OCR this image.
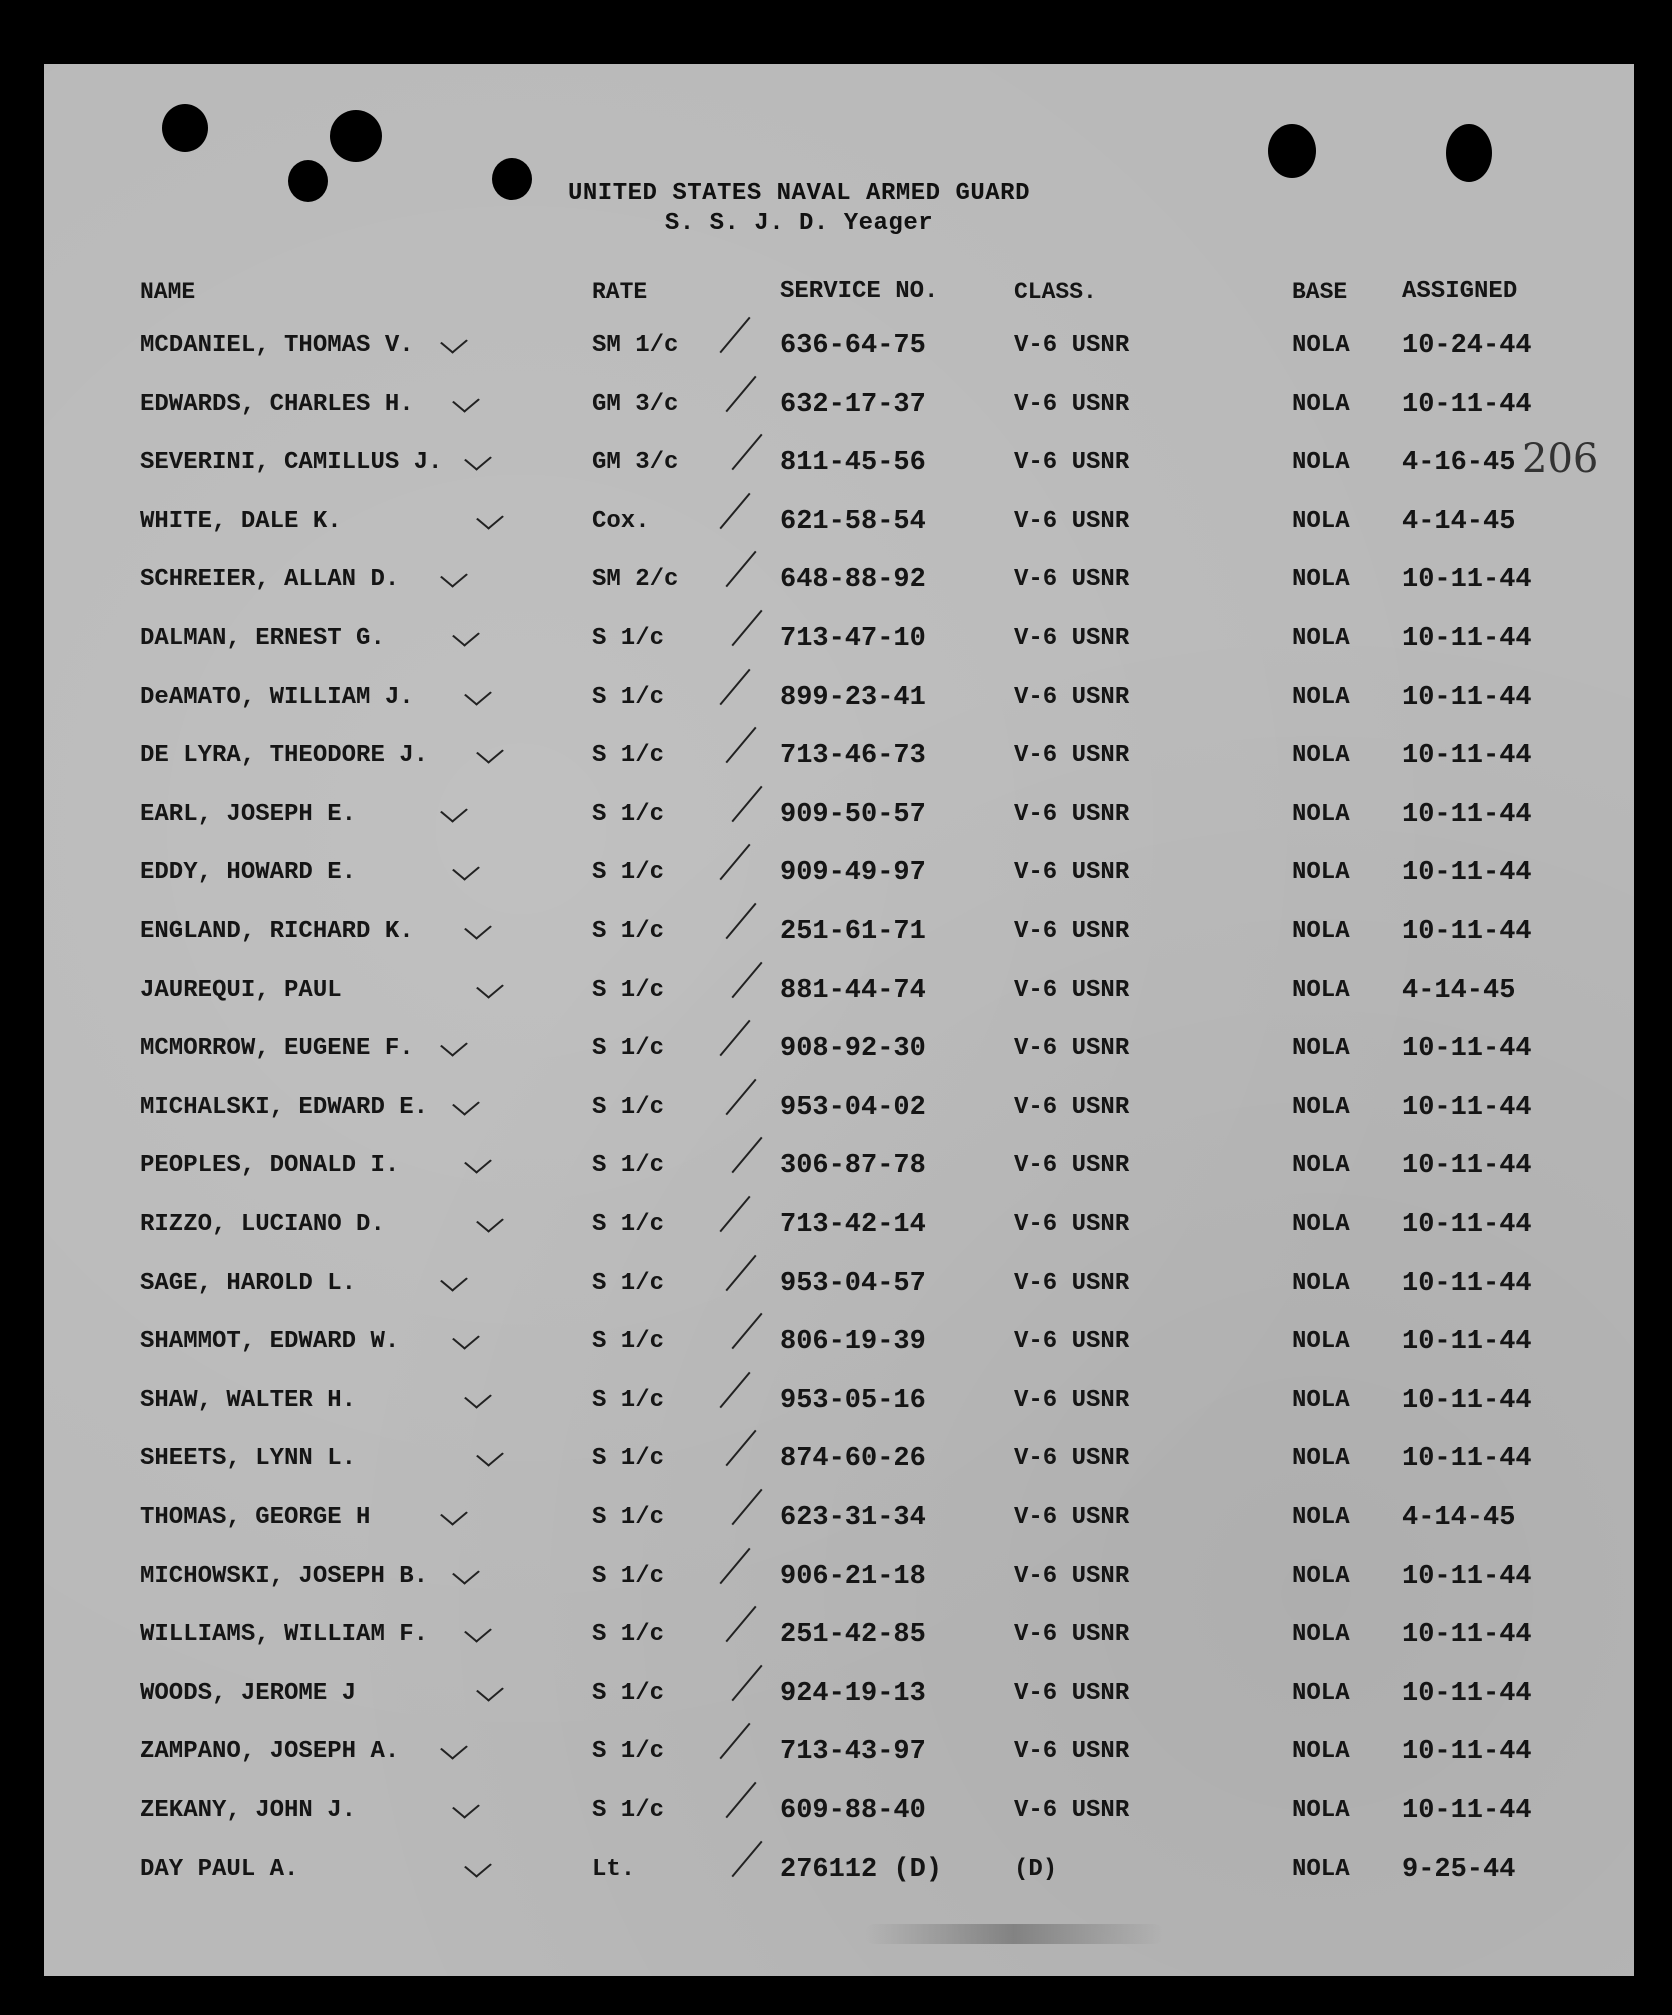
UNITED STATES NAVAL ARMED GUARD
S. S. J. D. Yeager
206
NAME	RATE	SERVICE NO.	CLASS.	BASE ASSIGNED
MCDANIEL, THOMAS V.	SM 1/c	636-64-75	V-6 USNR	NOLA 10-24-44
EDWARDS, CHARLES H.	GM 3/c	632-17-37	V-6 USNR	NOLA 10-11-44
SEVERINI, CAMILLUS J.	GM 3/c	811-45-56	V-6 USNR	NOLA 4-16-45
WHITE, DALE K.	Cox.	621-58-54	V-6 USNR	NOLA 4-14-45
SCHREIER, ALLAN D.	SM 2/c	648-88-92	V-6 USNR	NOLA 10-11-44
DALMAN, ERNEST G.	S 1/c	713-47-10	V-6 USNR	NOLA 10-11-44
DeAMATO, WILLIAM J.	S 1/c	899-23-41	V-6 USNR	NOLA 10-11-44
DE LYRA, THEODORE J.	S 1/c	713-46-73	V-6 USNR	NOLA 10-11-44
EARL, JOSEPH E.	S 1/c	909-50-57	V-6 USNR	NOLA 10-11-44
EDDY, HOWARD E.	S 1/c	909-49-97	V-6 USNR	NOLA 10-11-44
ENGLAND, RICHARD K.	S 1/c	251-61-71	V-6 USNR	NOLA 10-11-44
JAUREQUI, PAUL	S 1/c	881-44-74	V-6 USNR	NOLA 4-14-45
MCMORROW, EUGENE F.	S 1/c	908-92-30	V-6 USNR	NOLA 10-11-44
MICHALSKI, EDWARD E.	S 1/c	953-04-02	V-6 USNR	NOLA 10-11-44
PEOPLES, DONALD I.	S 1/c	306-87-78	V-6 USNR	NOLA 10-11-44
RIZZO, LUCIANO D.	S 1/c	713-42-14	V-6 USNR	NOLA 10-11-44
SAGE, HAROLD L.	S 1/c	953-04-57	V-6 USNR	NOLA 10-11-44
SHAMMOT, EDWARD W.	S 1/c	806-19-39	V-6 USNR	NOLA 10-11-44
SHAW, WALTER H.	S 1/c	953-05-16	V-6 USNR	NOLA 10-11-44
SHEETS, LYNN L.	S 1/c	874-60-26	V-6 USNR	NOLA 10-11-44
THOMAS, GEORGE H	S 1/c	623-31-34	V-6 USNR	NOLA 4-14-45
MICHOWSKI, JOSEPH B.	S 1/c	906-21-18	V-6 USNR	NOLA 10-11-44
WILLIAMS, WILLIAM F.	S 1/c	251-42-85	V-6 USNR	NOLA 10-11-44
WOODS, JEROME J	S 1/c	924-19-13	V-6 USNR	NOLA 10-11-44
ZAMPANO, JOSEPH A.	S 1/c	713-43-97	V-6 USNR	NOLA 10-11-44
ZEKANY, JOHN J.	S 1/c	609-88-40	V-6 USNR	NOLA 10-11-44
DAY PAUL A.	Lt.	276112 (D)	(D)	NOLA 9-25-44
